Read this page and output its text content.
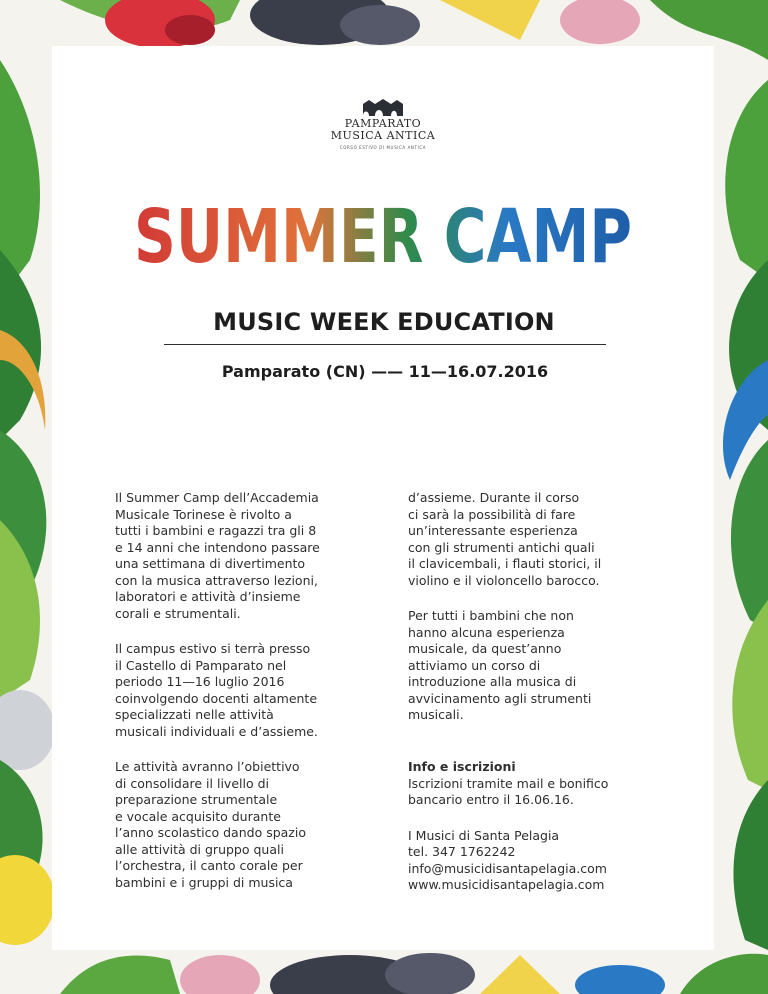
PAMPARATO
MUSICA ANTICA
CORSO ESTIVO DI MUSICA ANTICA
SUMMER CAMP
MUSIC WEEK EDUCATION
Pamparato (CN) —— 11—16.07.2016

Il Summer Camp dell’Accademia
Musicale Torinese è rivolto a
tutti i bambini e ragazzi tra gli 8
e 14 anni che intendono passare
una settimana di divertimento
con la musica attraverso lezioni,
laboratori e attività d’insieme
corali e strumentali.

Il campus estivo si terrà presso
il Castello di Pamparato nel
periodo 11—16 luglio 2016
coinvolgendo docenti altamente
specializzati nelle attività
musicali individuali e d’assieme.

Le attività avranno l’obiettivo
di consolidare il livello di
preparazione strumentale
e vocale acquisito durante
l’anno scolastico dando spazio
alle attività di gruppo quali
l’orchestra, il canto corale per
bambini e i gruppi di musica

d’assieme. Durante il corso
ci sarà la possibilità di fare
un’interessante esperienza
con gli strumenti antichi quali
il clavicembali, i flauti storici, il
violino e il violoncello barocco.

Per tutti i bambini che non
hanno alcuna esperienza
musicale, da quest’anno
attiviamo un corso di
introduzione alla musica di
avvicinamento agli strumenti
musicali.

Info e iscrizioni
Iscrizioni tramite mail e bonifico
bancario entro il 16.06.16.

I Musici di Santa Pelagia
tel. 347 1762242
info@musicidisantapelagia.com
www.musicidisantapelagia.com
